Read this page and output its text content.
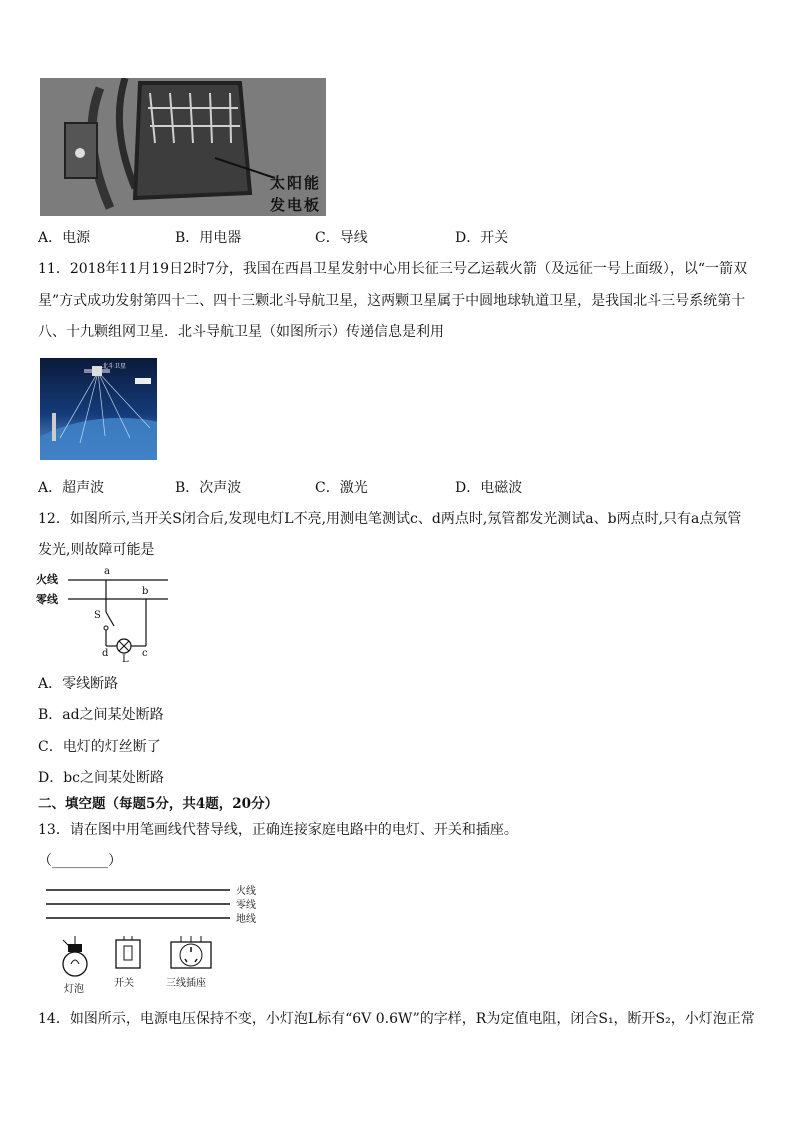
太阳能
发电板
A．电源	B．用电器	C．导线	D．开关
11．2018年11月19日2时7分，我国在西昌卫星发射中心用长征三号乙运载火箭（及远征一号上面级），以“一箭双
星”方式成功发射第四十二、四十三颗北斗导航卫星，这两颗卫星属于中圆地球轨道卫星，是我国北斗三号系统第十
八、十九颗组网卫星．北斗导航卫星（如图所示）传递信息是利用
北斗卫星
A．超声波	B．次声波	C．激光	D．电磁波
12．如图所示,当开关S闭合后,发现电灯L不亮,用测电笔测试c、d两点时,氖管都发光测试a、b两点时,只有a点氖管
发光,则故障可能是
火线
零线
a
b
S
d
L
c
A．零线断路
B．ad之间某处断路
C．电灯的灯丝断了
D．bc之间某处断路
二、填空题（每题5分，共4题，20分）
13．请在图中用笔画线代替导线，正确连接家庭电路中的电灯、开关和插座。
（________）
火线
零线
地线
灯泡
开关	三线插座
14．如图所示，电源电压保持不变，小灯泡L标有“6V 0.6W”的字样，R为定值电阻，闭合S₁，断开S₂，小灯泡正常
